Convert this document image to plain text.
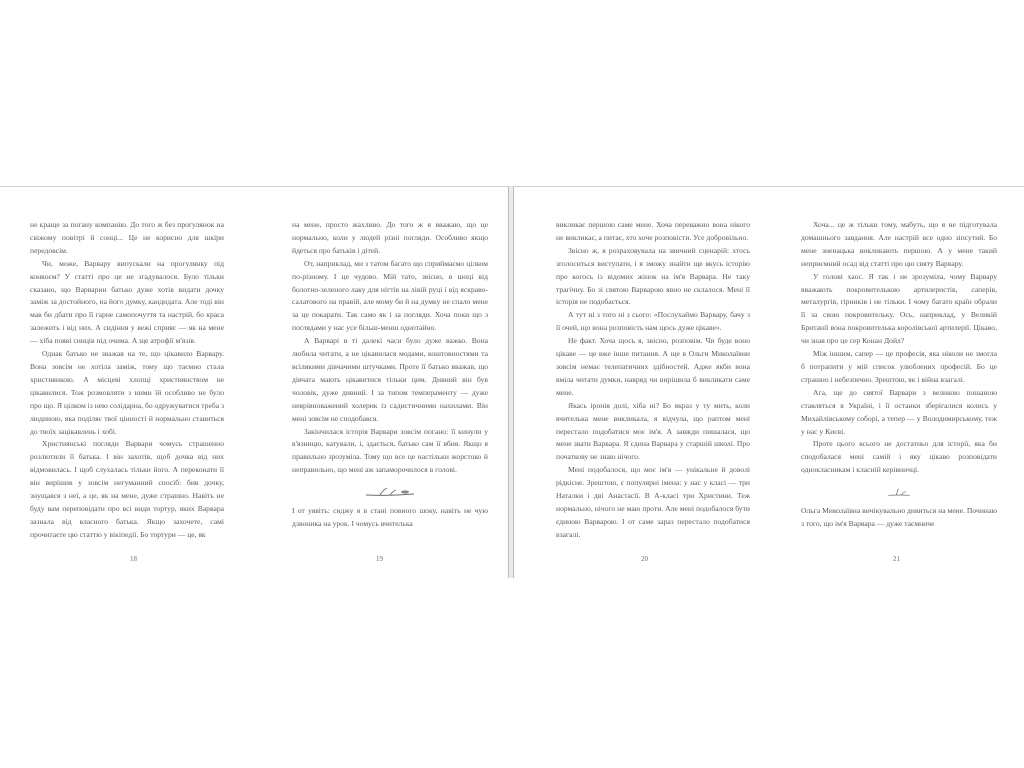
не краще за погану компанію. До того ж без прогулянок на свіжому повітрі й сонці... Це не корисно для шкіри передовсім.

Чи, може, Варвару випускали на прогулянку під конвоєм? У статті про це не згадувалося. Було тільки сказано, що Варварин батько дуже хотів видати дочку заміж за достойного, на його думку, кандидата. Але тоді він мав би дбати про її гарне самопочуття та настрій, бо краса залежить і від них. А сидіння у вежі сприяє — як на мене — хіба появі синців під очима. А ще атрофії м'язів.

Однак батько не зважав на те, що цікавило Варвару. Вона зовсім не хотіла заміж, тому що таємно стала християнкою. А місцеві хлопці християнством не цікавилися. Тож розмовляти з ними їй особливо не було про що. Я цілком із нею солідарна, бо одружуватися треба з людиною, яка поділяє твої цінності й нормально ставиться до твоїх зацікавлень і хобі.

Християнські погляди Варвари чомусь страшенно розлютили її батька. І він захотів, щоб дочка від них відмовилась. І щоб слухалась тільки його. А переконати її він вирішив у зовсім негуманний спосіб: бив дочку, знущався з неї, а це, як на мене, дуже страшно. Навіть не буду вам переповідати про всі види тортур, яких Варвара зазнала від власного батька. Якщо захочете, самі прочитаєте цю статтю у вікіпедії. Бо тортури — це, як

18

на мене, просто жахливо. До того ж я вважаю, що це нормально, коли у людей різні погляди. Особливо якщо йдеться про батьків і дітей.

От, наприклад, ми з татом багато що сприймаємо цілком по-різному. І це чудово. Мій тато, звісно, в шоці від болотно-зеленого лаку для нігтів на лівій руці і від яскраво-салатового на правій, але мому би й на думку не спало мене за це покарати. Так само як і за погляди. Хоча поки що з поглядами у нас усе більш-менш однотайно.

А Варварі в ті далекі часи було дуже важко. Вона любила читати, а не цікавилася модами, коштовностями та всілякими дівчачими штучками. Проте її батько вважав, що дівчата мають цікавитися тільки цим. Дивний він був чоловік, дуже дивний. І за типом темпераменту — дуже неврівноважений холерик із садистичними нахилами. Він мені зовсім не сподобався.

Закінчилася історія Варвари зовсім погано: її кинули у в'язницю, катували, і, здається, батько сам її вбив. Якщо я правильно зрозуміла. Тому що все це настільки жорстоко й неправильно, що мені аж запаморочилося в голові.

І от уявіть: сиджу я в стані повного шоку, навіть не чую дзвоника на урок. І чомусь вчителька

19

викликає першою саме мене. Хоча переважно вона нікого не викликає, а питає, хто хоче розповісти. Усе добровільно.

Звісно ж, я розраховувала на звичний сценарій: хтось зголоситься виступати, і я зможу знайти ще якусь історію про когось із відомих жінок на ім'я Варвара. Не таку трагічну. Бо зі святою Варварою явно не склалося. Мені її історія не подобається.

А тут ні з того ні з сього: «Послухаймо Варвару, бачу з її очей, що вона розповість нам щось дуже цікаве».

Не факт. Хоча щось я, звісно, розповім. Чи буде воно цікаве — це вже інше питання. А ще в Ольги Миколаївни зовсім немає телепатичних здібностей. Адже якби вона вміла читати думки, навряд чи вирішила б викликати саме мене.

Якась іронія долі, хіба ні? Бо якраз у ту мить, коли вчителька мене викликала, я відчула, що раптом мені перестало подобатися моє ім'я. А завжди пишалася, що мене звати Варвара. Я єдина Варвара у старшій школі. Про початкову не знаю нічого.

Мені подобалося, що моє ім'я — унікальне й доволі рідкісне. Зрештою, є популярні імена: у нас у класі — три Наталки і дві Анастасії. В А-класі три Христини. Теж нормально, нічого не маю проти. Але мені подобалося бути єдиною Варварою. І от саме зараз перестало подобатися взагалі.

20

Хоча... це ж тільки тому, мабуть, що я не підготувала домашнього завдання. Але настрій все одно зіпсутий. Бо мене зненацька викликають першою. А у мене такий неприємний осад від статті про цю святу Варвару.

У голові хаос. Я так і не зрозуміла, чому Варвару вважають покровителькою артилеристів, саперів, металургів, гірників і не тільки. І чому багато країн обрали її за свою покровительку. Ось, наприклад, у Великій Британії вона покровителька королівської артилерії. Цікаво, чи знав про це сер Конан Дойл?

Між іншим, сапер — це професія, яка ніколи не змогла б потрапити у мій список улюблених професій. Бо це страшно і небезпечно. Зрештою, як і війна взагалі.

Ага, ще до святої Варвари з великою пошаною ставляться в Україні, і її останки зберігалися колись у Михайлівському соборі, а тепер — у Володимирському, теж у нас у Києві.

Проте цього всього не достатньо для історії, яка би сподобалася мені самій і яку цікаво розповідати однокласникам і класній керівничці.

Ольга Миколаївна вичікувально дивиться на мене. Починаю з того, що ім'я Варвара — дуже таємниче

21
